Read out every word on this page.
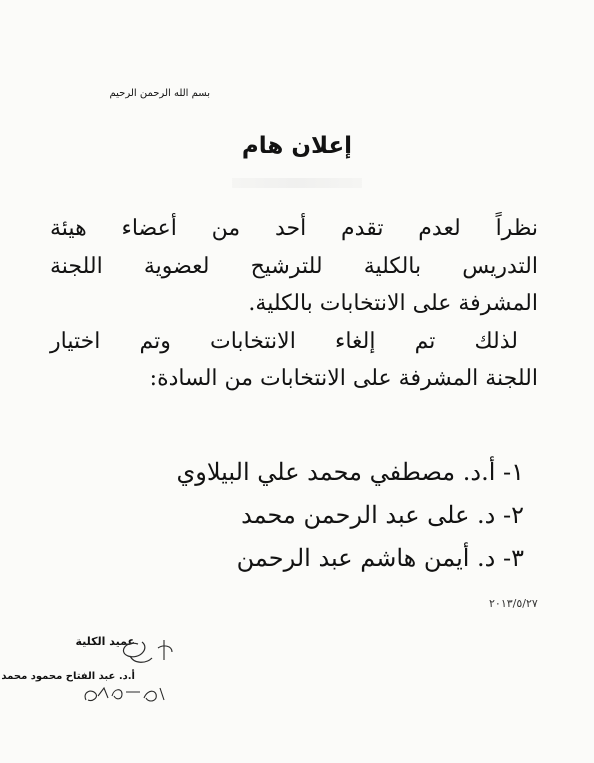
بسم الله الرحمن الرحيم
إعلان هام
نظراً لعدم تقدم أحد من أعضاء هيئة
التدريس بالكلية للترشيح لعضوية اللجنة
المشرفة على الانتخابات بالكلية.
لذلك تم إلغاء الانتخابات وتم اختيار
اللجنة المشرفة على الانتخابات من السادة:
١- أ.د. مصطفي محمد علي البيلاوي
٢- د. على عبد الرحمن محمد
٣- د. أيمن هاشم عبد الرحمن
٢٠١٣/٥/٢٧
عميد الكلية
أ.د. عبد الفتاح محمود محمد
